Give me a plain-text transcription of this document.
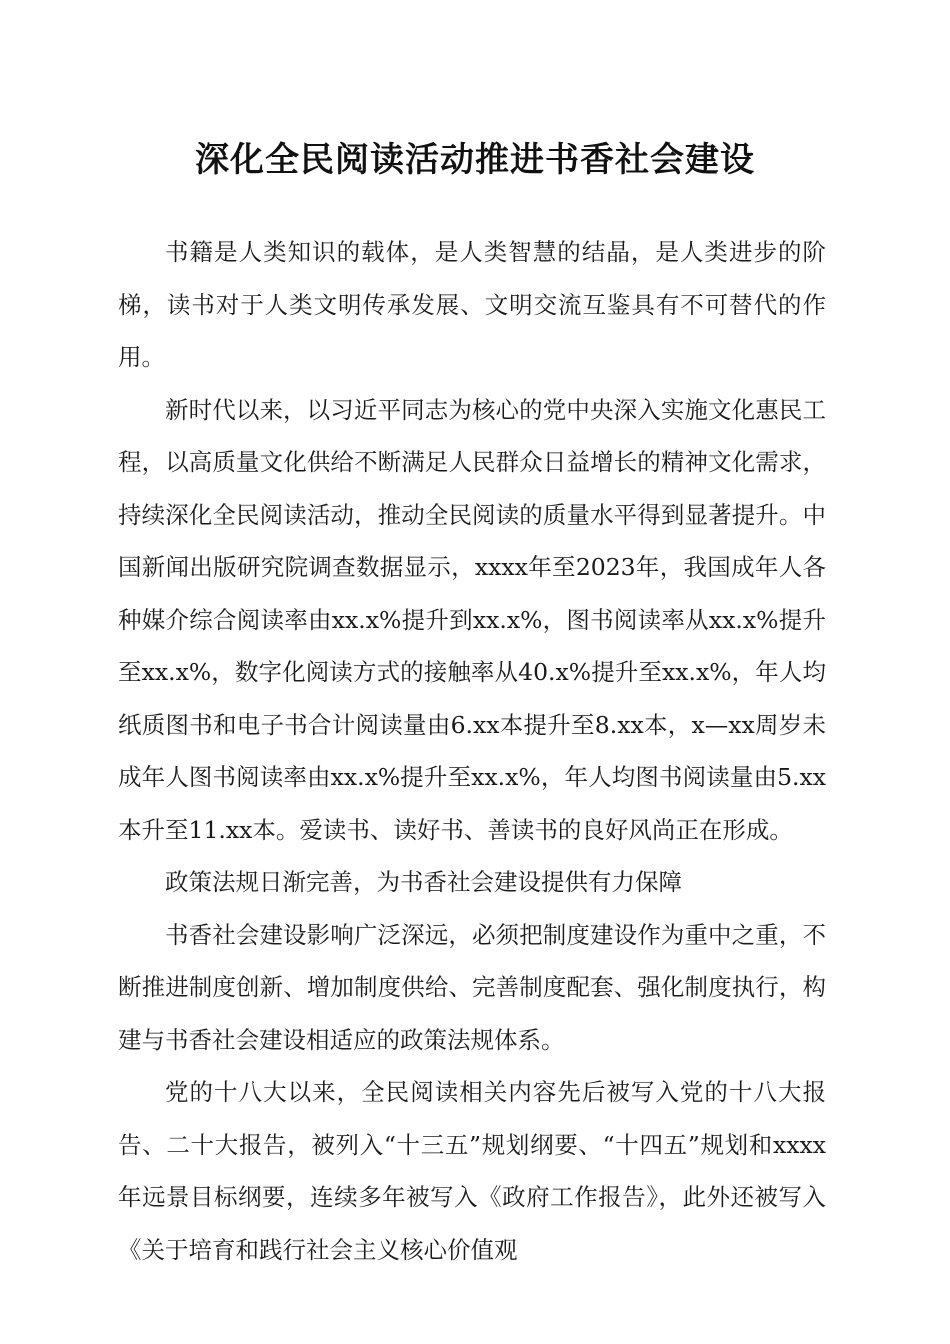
深化全民阅读活动推进书香社会建设

书籍是人类知识的载体，是人类智慧的结晶，是人类进步的阶梯，读书对于人类文明传承发展、文明交流互鉴具有不可替代的作用。

新时代以来，以习近平同志为核心的党中央深入实施文化惠民工程，以高质量文化供给不断满足人民群众日益增长的精神文化需求，持续深化全民阅读活动，推动全民阅读的质量水平得到显著提升。中国新闻出版研究院调查数据显示，xxxx年至2023年，我国成年人各种媒介综合阅读率由xx.x%提升到xx.x%，图书阅读率从xx.x%提升至xx.x%，数字化阅读方式的接触率从40.x%提升至xx.x%，年人均纸质图书和电子书合计阅读量由6.xx本提升至8.xx本，x—xx周岁未成年人图书阅读率由xx.x%提升至xx.x%，年人均图书阅读量由5.xx本升至11.xx本。爱读书、读好书、善读书的良好风尚正在形成。

政策法规日渐完善，为书香社会建设提供有力保障

书香社会建设影响广泛深远，必须把制度建设作为重中之重，不断推进制度创新、增加制度供给、完善制度配套、强化制度执行，构建与书香社会建设相适应的政策法规体系。

党的十八大以来，全民阅读相关内容先后被写入党的十八大报告、二十大报告，被列入“十三五”规划纲要、“十四五”规划和xxxx年远景目标纲要，连续多年被写入《政府工作报告》，此外还被写入《关于培育和践行社会主义核心价值观
